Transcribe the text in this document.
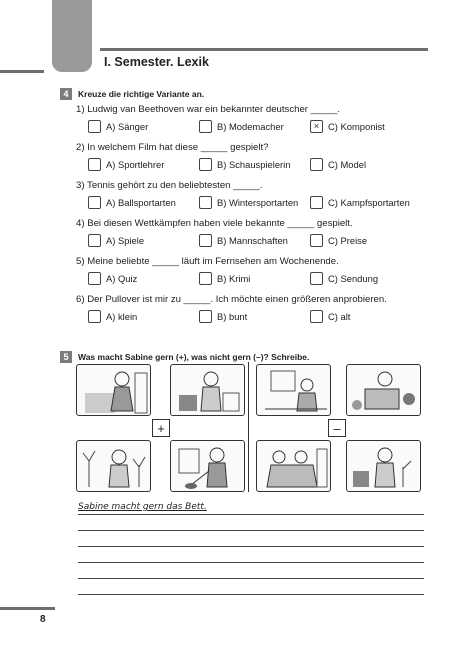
I. Semester. Lexik
4	Kreuze die richtige Variante an.
1) Ludwig van Beethoven war ein bekannter deutscher _____.
A) Sänger	B) Modemacher	× C) Komponist
2) In welchem Film hat diese _____ gespielt?
A) Sportlehrer	B) Schauspielerin	C) Model
3) Tennis gehört zu den beliebtesten _____.
A) Ballsportarten	B) Wintersportarten	C) Kampfsportarten
4) Bei diesen Wettkämpfen haben viele bekannte _____ gespielt.
A) Spiele	B) Mannschaften	C) Preise
5) Meine beliebte _____ läuft im Fernsehen am Wochenende.
A) Quiz	B) Krimi	C) Sendung
6) Der Pullover ist mir zu _____. Ich möchte einen größeren anprobieren.
A) klein	B) bunt	C) alt
5	Was macht Sabine gern (+), was nicht gern (–)? Schreibe.
+	–
Sabine macht gern das Bett.
8
